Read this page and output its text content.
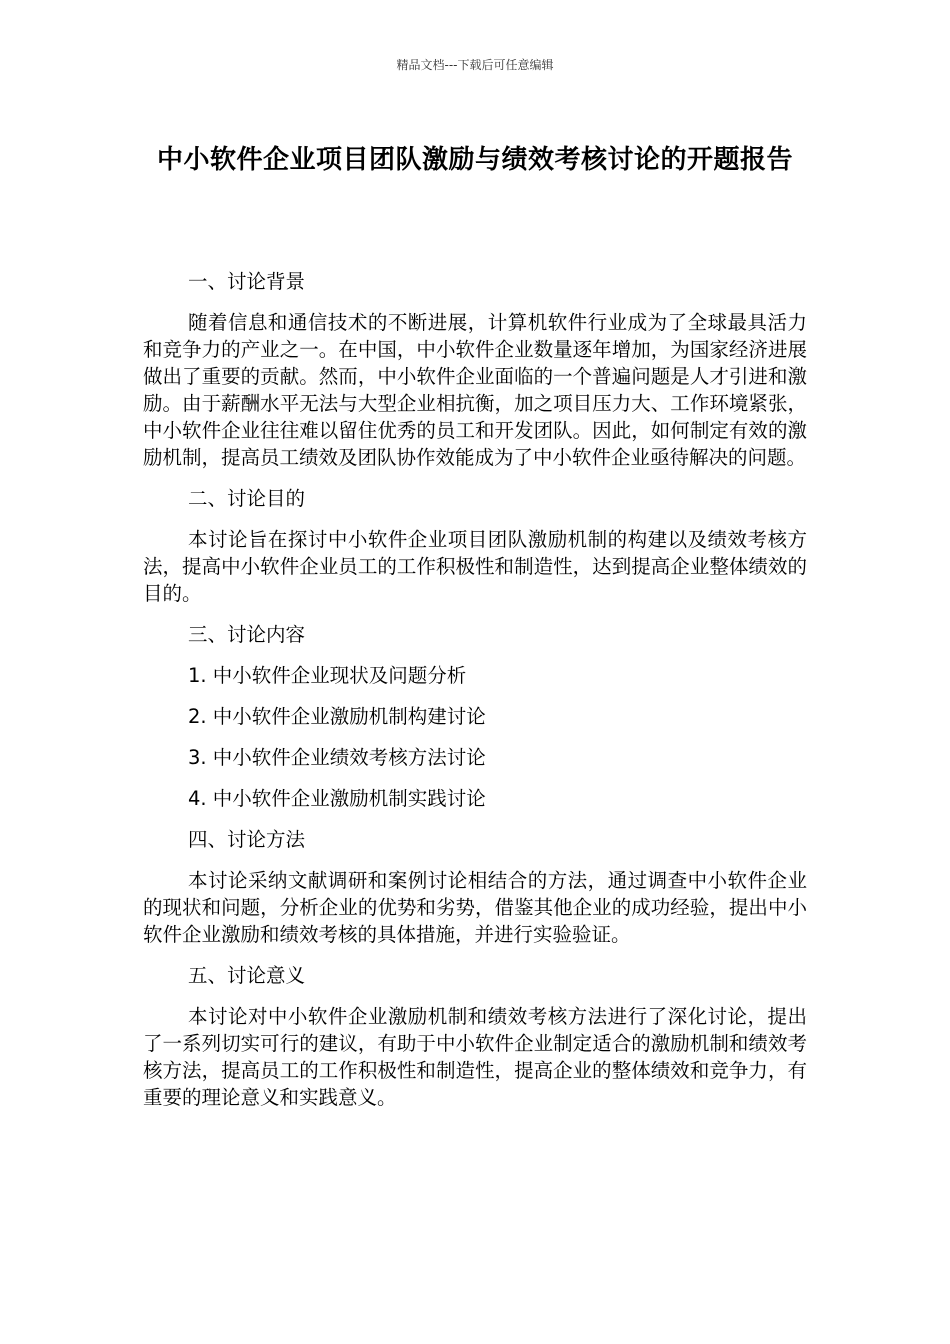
精品文档---下载后可任意编辑
中小软件企业项目团队激励与绩效考核讨论的开题报告
一、讨论背景
随着信息和通信技术的不断进展，计算机软件行业成为了全球最具活力和竞争力的产业之一。在中国，中小软件企业数量逐年增加，为国家经济进展做出了重要的贡献。然而，中小软件企业面临的一个普遍问题是人才引进和激励。由于薪酬水平无法与大型企业相抗衡，加之项目压力大、工作环境紧张，中小软件企业往往难以留住优秀的员工和开发团队。因此，如何制定有效的激励机制，提高员工绩效及团队协作效能成为了中小软件企业亟待解决的问题。
二、讨论目的
本讨论旨在探讨中小软件企业项目团队激励机制的构建以及绩效考核方法，提高中小软件企业员工的工作积极性和制造性，达到提高企业整体绩效的目的。
三、讨论内容
1. 中小软件企业现状及问题分析
2. 中小软件企业激励机制构建讨论
3. 中小软件企业绩效考核方法讨论
4. 中小软件企业激励机制实践讨论
四、讨论方法
本讨论采纳文献调研和案例讨论相结合的方法，通过调查中小软件企业的现状和问题，分析企业的优势和劣势，借鉴其他企业的成功经验，提出中小软件企业激励和绩效考核的具体措施，并进行实验验证。
五、讨论意义
本讨论对中小软件企业激励机制和绩效考核方法进行了深化讨论，提出了一系列切实可行的建议，有助于中小软件企业制定适合的激励机制和绩效考核方法，提高员工的工作积极性和制造性，提高企业的整体绩效和竞争力，有重要的理论意义和实践意义。
